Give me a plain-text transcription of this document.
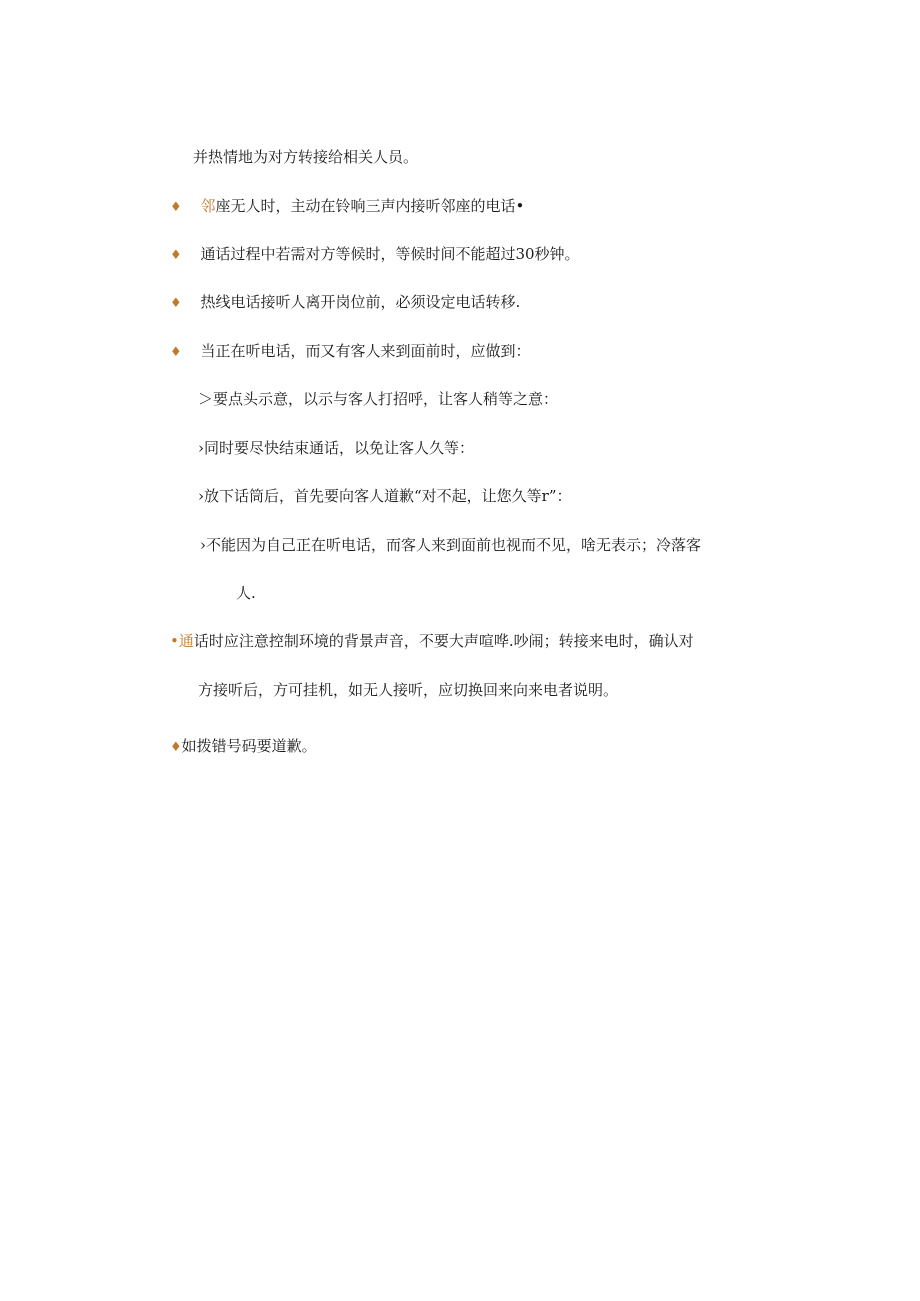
并热情地为对方转接给相关人员。
♦ 邻座无人时，主动在铃响三声内接听邻座的电话•
♦ 通话过程中若需对方等候时，等候时间不能超过30秒钟。
♦ 热线电话接听人离开岗位前，必须设定电话转移.
♦ 当正在听电话，而又有客人来到面前时，应做到：
＞要点头示意，以示与客人打招呼，让客人稍等之意：
›同时要尽快结束通话，以免让客人久等：
›放下话筒后，首先要向客人道歉“对不起，让您久等r”：
›不能因为自己正在听电话，而客人来到面前也视而不见，啥无表示；冷落客
人.
•通话时应注意控制环境的背景声音，不要大声喧哗.吵闹；转接来电时，确认对
方接听后，方可挂机，如无人接听，应切换回来向来电者说明。
♦如拨错号码要道歉。
